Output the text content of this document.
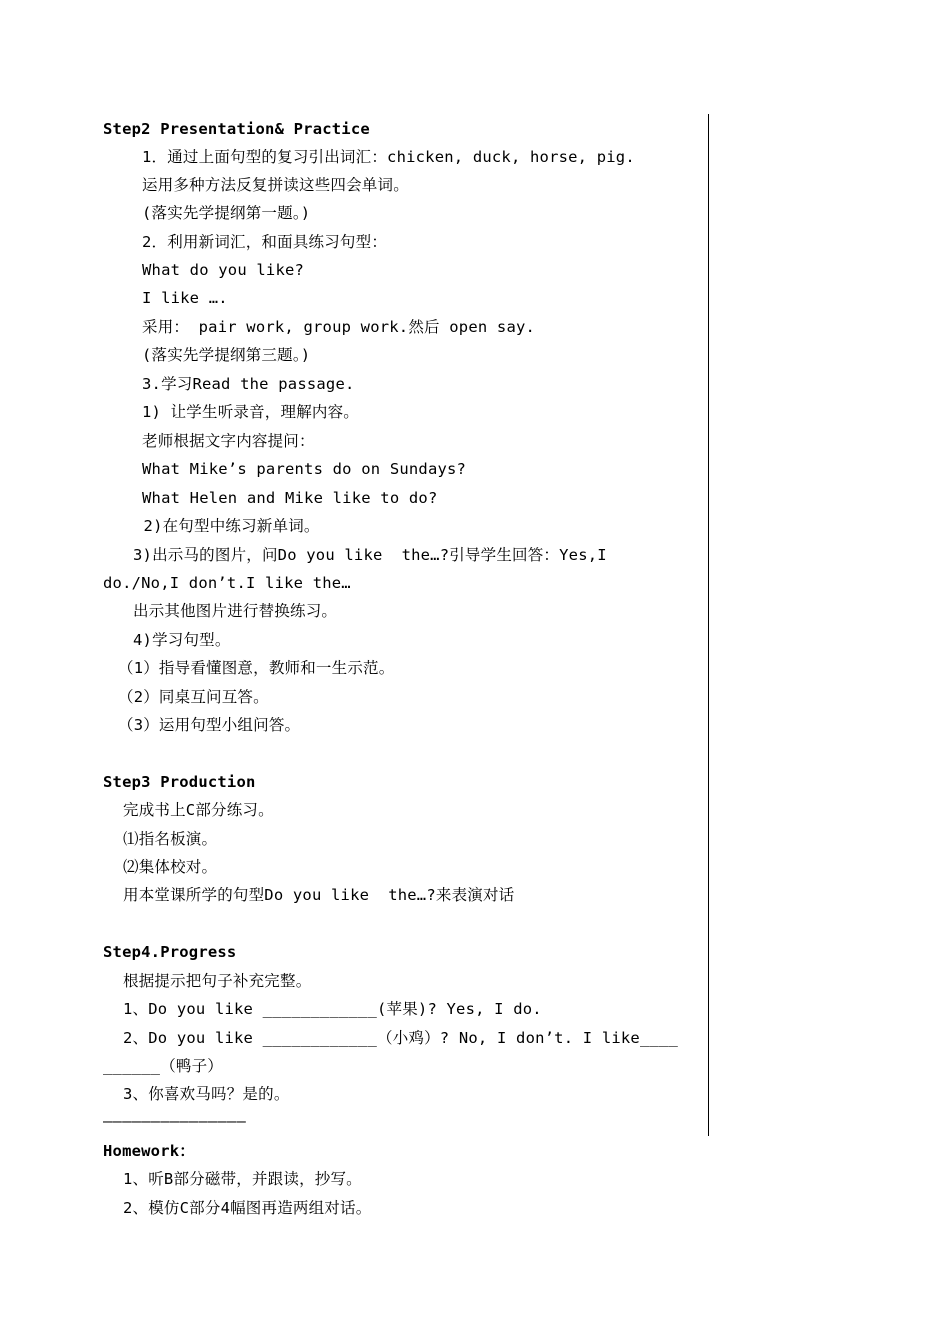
Step2 Presentation& Practice
1．通过上面句型的复习引出词汇：chicken, duck, horse, pig.
运用多种方法反复拼读这些四会单词。
(落实先学提纲第一题。)
2．利用新词汇，和面具练习句型：
What do you like?
I like ….
采用： pair work, group work.然后 open say.
(落实先学提纲第三题。)
3.学习Read the passage.
1) 让学生听录音，理解内容。
老师根据文字内容提问：
What Mike’s parents do on Sundays?
What Helen and Mike like to do?
2)在句型中练习新单词。
3)出示马的图片，问Do you like  the…?引导学生回答：Yes,I
do./No,I don’t.I like the…
出示其他图片进行替换练习。
4)学习句型。
（1）指导看懂图意，教师和一生示范。
（2）同桌互问互答。
（3）运用句型小组问答。
Step3 Production
完成书上C部分练习。
⑴指名板演。
⑵集体校对。
用本堂课所学的句型Do you like  the…?来表演对话
Step4.Progress
根据提示把句子补充完整。
1、Do you like ____________(苹果)? Yes, I do.
2、Do you like ____________（小鸡）? No, I don’t. I like____
______（鸭子）
3、你喜欢马吗？是的。
———————————————
Homework：
1、听B部分磁带，并跟读，抄写。
2、模仿C部分4幅图再造两组对话。
